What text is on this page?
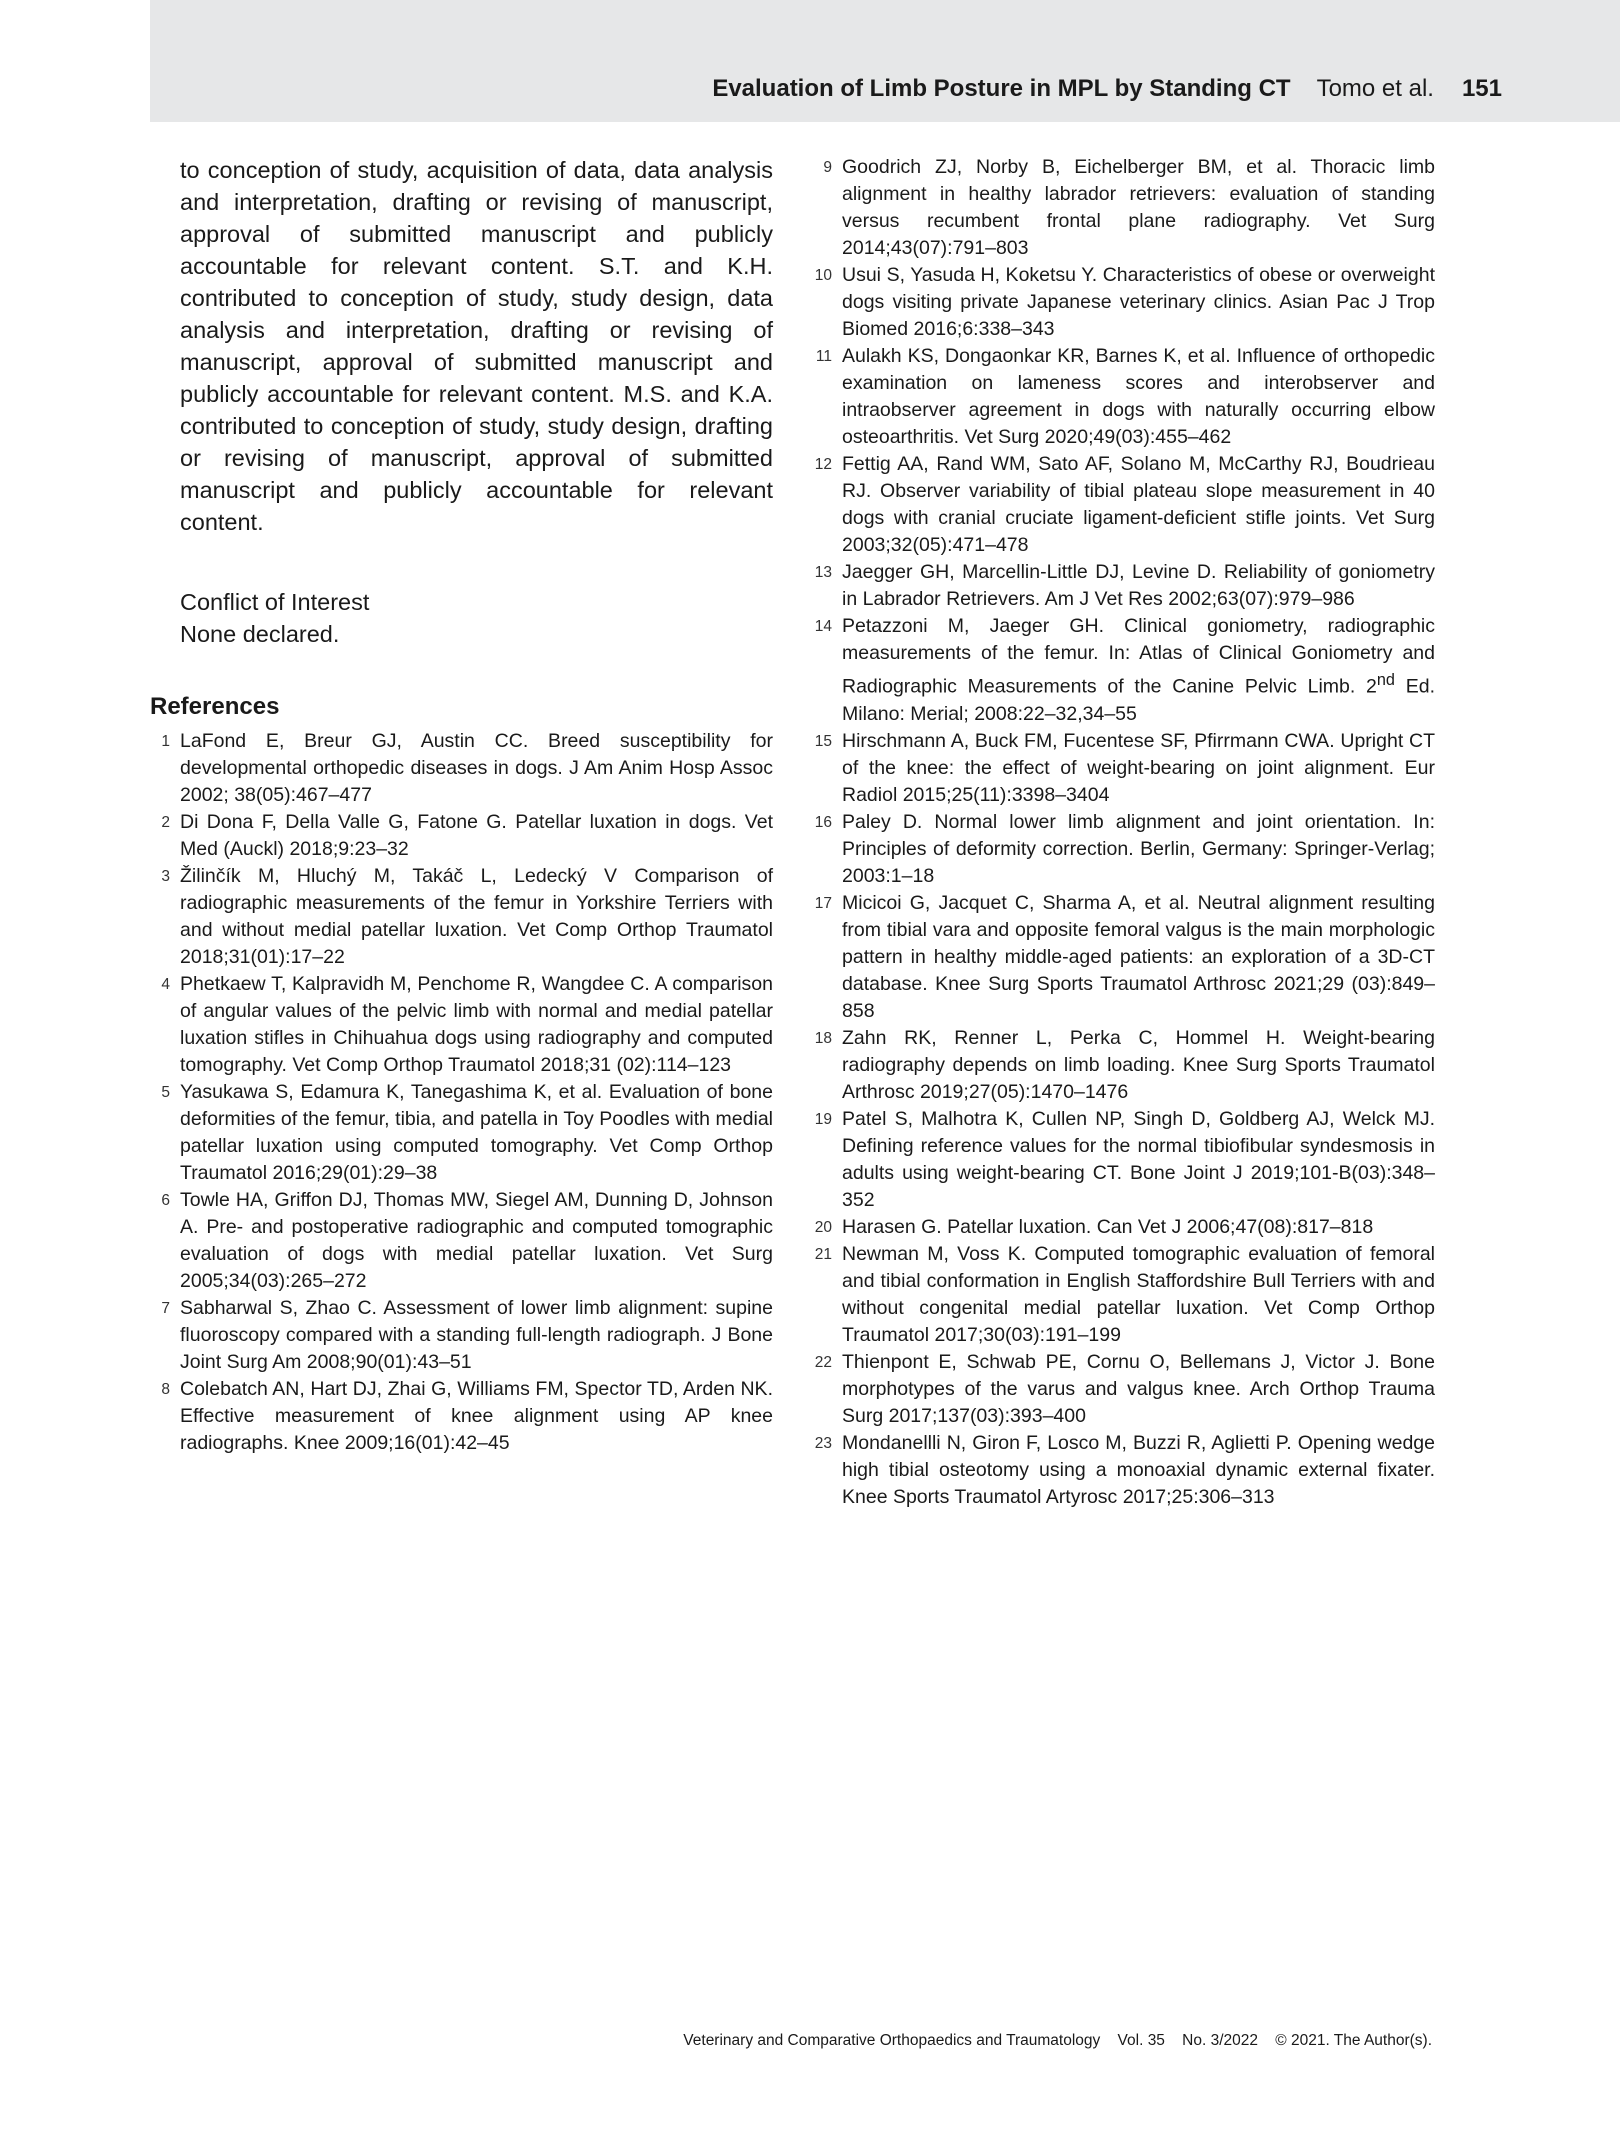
Evaluation of Limb Posture in MPL by Standing CT Tomo et al. 151
to conception of study, acquisition of data, data analysis and interpretation, drafting or revising of manuscript, approval of submitted manuscript and publicly accountable for relevant content. S.T. and K.H. contributed to conception of study, study design, data analysis and interpretation, drafting or revising of manuscript, approval of submitted manuscript and publicly accountable for relevant content. M.S. and K.A. contributed to conception of study, study design, drafting or revising of manuscript, approval of submitted manuscript and publicly accountable for relevant content.
Conflict of Interest
None declared.
References
1 LaFond E, Breur GJ, Austin CC. Breed susceptibility for developmental orthopedic diseases in dogs. J Am Anim Hosp Assoc 2002; 38(05):467–477
2 Di Dona F, Della Valle G, Fatone G. Patellar luxation in dogs. Vet Med (Auckl) 2018;9:23–32
3 Žilinčík M, Hluchý M, Takáč L, Ledecký V Comparison of radiographic measurements of the femur in Yorkshire Terriers with and without medial patellar luxation. Vet Comp Orthop Traumatol 2018;31(01):17–22
4 Phetkaew T, Kalpravidh M, Penchome R, Wangdee C. A comparison of angular values of the pelvic limb with normal and medial patellar luxation stifles in Chihuahua dogs using radiography and computed tomography. Vet Comp Orthop Traumatol 2018;31 (02):114–123
5 Yasukawa S, Edamura K, Tanegashima K, et al. Evaluation of bone deformities of the femur, tibia, and patella in Toy Poodles with medial patellar luxation using computed tomography. Vet Comp Orthop Traumatol 2016;29(01):29–38
6 Towle HA, Griffon DJ, Thomas MW, Siegel AM, Dunning D, Johnson A. Pre- and postoperative radiographic and computed tomographic evaluation of dogs with medial patellar luxation. Vet Surg 2005;34(03):265–272
7 Sabharwal S, Zhao C. Assessment of lower limb alignment: supine fluoroscopy compared with a standing full-length radiograph. J Bone Joint Surg Am 2008;90(01):43–51
8 Colebatch AN, Hart DJ, Zhai G, Williams FM, Spector TD, Arden NK. Effective measurement of knee alignment using AP knee radiographs. Knee 2009;16(01):42–45
9 Goodrich ZJ, Norby B, Eichelberger BM, et al. Thoracic limb alignment in healthy labrador retrievers: evaluation of standing versus recumbent frontal plane radiography. Vet Surg 2014;43(07):791–803
10 Usui S, Yasuda H, Koketsu Y. Characteristics of obese or overweight dogs visiting private Japanese veterinary clinics. Asian Pac J Trop Biomed 2016;6:338–343
11 Aulakh KS, Dongaonkar KR, Barnes K, et al. Influence of orthopedic examination on lameness scores and interobserver and intraobserver agreement in dogs with naturally occurring elbow osteoarthritis. Vet Surg 2020;49(03):455–462
12 Fettig AA, Rand WM, Sato AF, Solano M, McCarthy RJ, Boudrieau RJ. Observer variability of tibial plateau slope measurement in 40 dogs with cranial cruciate ligament-deficient stifle joints. Vet Surg 2003;32(05):471–478
13 Jaegger GH, Marcellin-Little DJ, Levine D. Reliability of goniometry in Labrador Retrievers. Am J Vet Res 2002;63(07):979–986
14 Petazzoni M, Jaeger GH. Clinical goniometry, radiographic measurements of the femur. In: Atlas of Clinical Goniometry and Radiographic Measurements of the Canine Pelvic Limb. 2nd Ed. Milano: Merial; 2008:22–32,34–55
15 Hirschmann A, Buck FM, Fucentese SF, Pfirrmann CWA. Upright CT of the knee: the effect of weight-bearing on joint alignment. Eur Radiol 2015;25(11):3398–3404
16 Paley D. Normal lower limb alignment and joint orientation. In: Principles of deformity correction. Berlin, Germany: Springer-Verlag; 2003:1–18
17 Micicoi G, Jacquet C, Sharma A, et al. Neutral alignment resulting from tibial vara and opposite femoral valgus is the main morphologic pattern in healthy middle-aged patients: an exploration of a 3D-CT database. Knee Surg Sports Traumatol Arthrosc 2021;29 (03):849–858
18 Zahn RK, Renner L, Perka C, Hommel H. Weight-bearing radiography depends on limb loading. Knee Surg Sports Traumatol Arthrosc 2019;27(05):1470–1476
19 Patel S, Malhotra K, Cullen NP, Singh D, Goldberg AJ, Welck MJ. Defining reference values for the normal tibiofibular syndesmosis in adults using weight-bearing CT. Bone Joint J 2019;101-B(03):348–352
20 Harasen G. Patellar luxation. Can Vet J 2006;47(08):817–818
21 Newman M, Voss K. Computed tomographic evaluation of femoral and tibial conformation in English Staffordshire Bull Terriers with and without congenital medial patellar luxation. Vet Comp Orthop Traumatol 2017;30(03):191–199
22 Thienpont E, Schwab PE, Cornu O, Bellemans J, Victor J. Bone morphotypes of the varus and valgus knee. Arch Orthop Trauma Surg 2017;137(03):393–400
23 Mondanellli N, Giron F, Losco M, Buzzi R, Aglietti P. Opening wedge high tibial osteotomy using a monoaxial dynamic external fixater. Knee Sports Traumatol Artyrosc 2017;25:306–313
Veterinary and Comparative Orthopaedics and Traumatology Vol. 35 No. 3/2022 © 2021. The Author(s).
